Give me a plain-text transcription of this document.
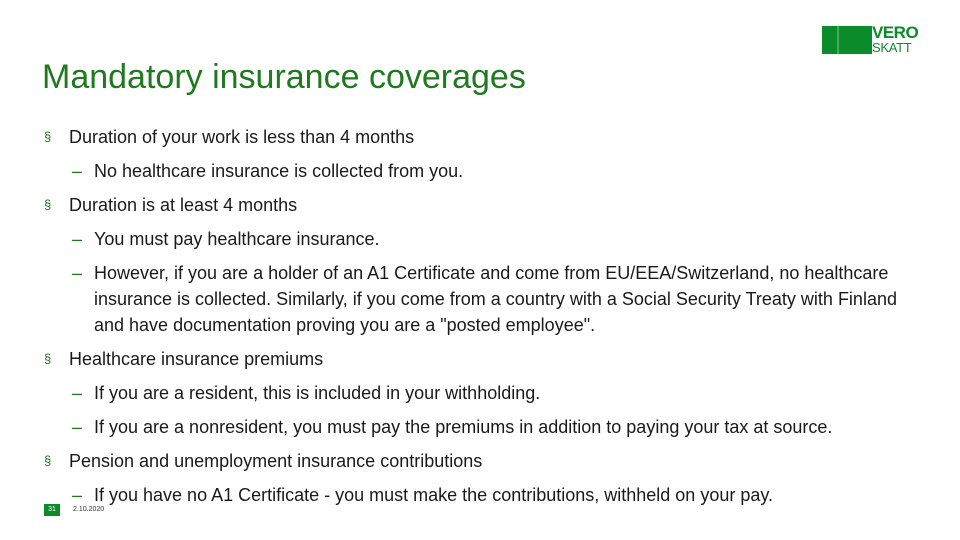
VERO
SKATT
Mandatory insurance coverages
§ Duration of your work is less than 4 months
– No healthcare insurance is collected from you.
§ Duration is at least 4 months
– You must pay healthcare insurance.
– However, if you are a holder of an A1 Certificate and come from EU/EEA/Switzerland, no healthcare insurance is collected. Similarly, if you come from a country with a Social Security Treaty with Finland and have documentation proving you are a "posted employee".
§ Healthcare insurance premiums
– If you are a resident, this is included in your withholding.
– If you are a nonresident, you must pay the premiums in addition to paying your tax at source.
§ Pension and unemployment insurance contributions
– If you have no A1 Certificate - you must make the contributions, withheld on your pay.
31	2.10.2020
